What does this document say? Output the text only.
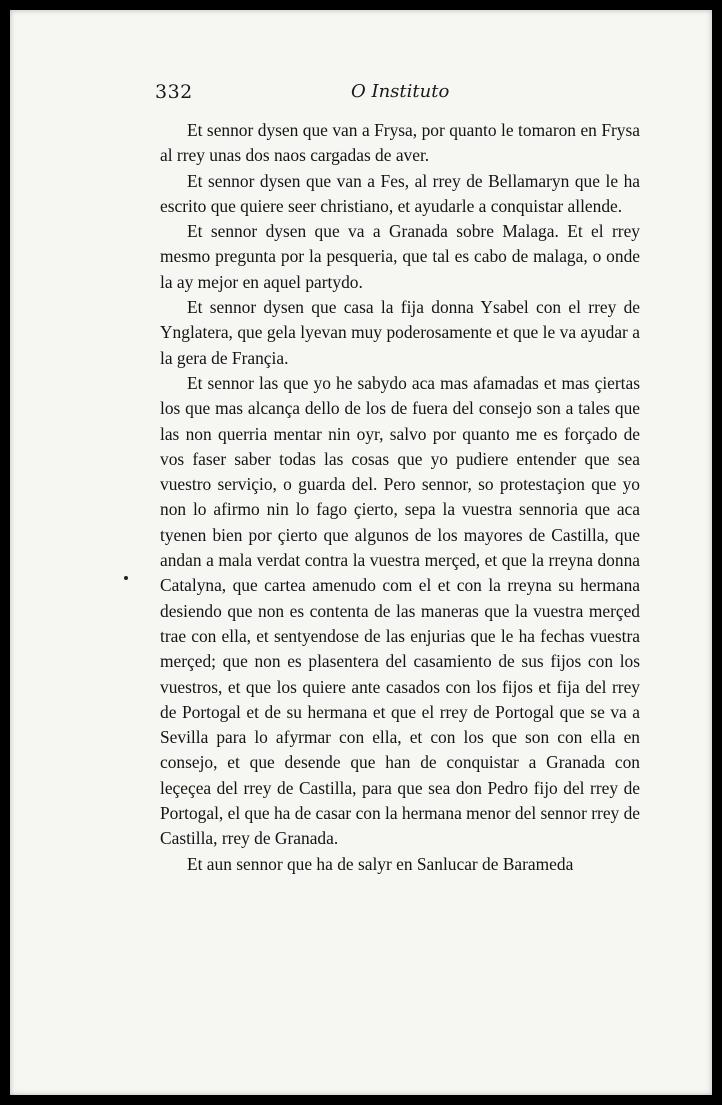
332	O Instituto

Et sennor dysen que van a Frysa, por quanto le tomaron en Frysa al rrey unas dos naos cargadas de aver.

Et sennor dysen que van a Fes, al rrey de Bellamaryn que le ha escrito que quiere seer christiano, et ayudarle a conquistar allende.

Et sennor dysen que va a Granada sobre Malaga. Et el rrey mesmo pregunta por la pesqueria, que tal es cabo de malaga, o onde la ay mejor en aquel partydo.

Et sennor dysen que casa la fija donna Ysabel con el rrey de Ynglatera, que gela lyevan muy poderosamente et que le va ayudar a la gera de Françia.

Et sennor las que yo he sabydo aca mas afamadas et mas çiertas los que mas alcança dello de los de fuera del consejo son a tales que las non querria mentar nin oyr, salvo por quanto me es forçado de vos faser saber todas las cosas que yo pudiere entender que sea vuestro serviçio, o guarda del. Pero sennor, so protestaçion que yo non lo afirmo nin lo fago çierto, sepa la vuestra sennoria que aca tyenen bien por çierto que algunos de los mayores de Castilla, que andan a mala verdat contra la vuestra merçed, et que la rreyna donna Catalyna, que cartea amenudo com el et con la rreyna su hermana desiendo que non es contenta de las maneras que la vuestra merçed trae con ella, et sentyendose de las enjurias que le ha fechas vuestra merçed; que non es plasentera del casamiento de sus fijos con los vuestros, et que los quiere ante casados con los fijos et fija del rrey de Portogal et de su hermana et que el rrey de Portogal que se va a Sevilla para lo afyrmar con ella, et con los que son con ella en consejo, et que desende que han de conquistar a Granada con leçeçea del rrey de Castilla, para que sea don Pedro fijo del rrey de Portogal, el que ha de casar con la hermana menor del sennor rrey de Castilla, rrey de Granada.

Et aun sennor que ha de salyr en Sanlucar de Barameda
